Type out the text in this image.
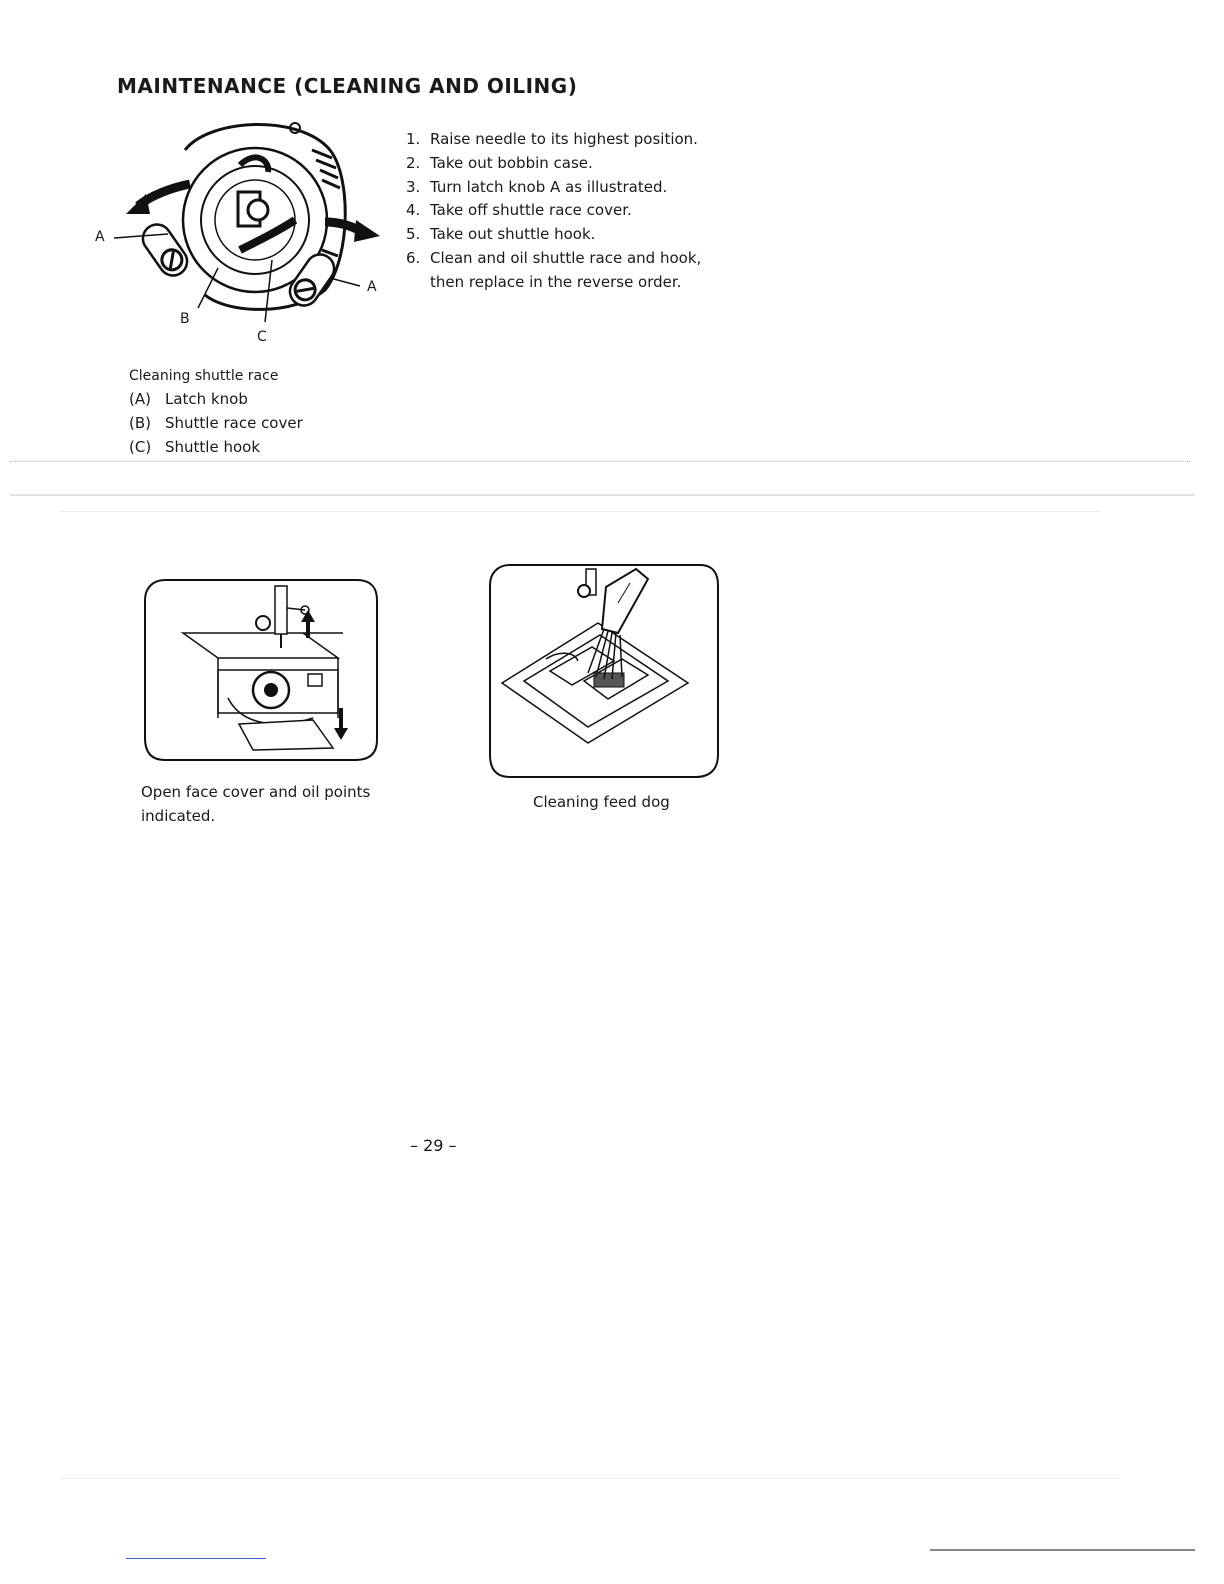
MAINTENANCE (CLEANING AND OILING)
A
A
B
C
1. Raise needle to its highest position.
2. Take out bobbin case.
3. Turn latch knob A as illustrated.
4. Take off shuttle race cover.
5. Take out shuttle hook.
6. Clean and oil shuttle race and hook,
then replace in the reverse order.
Cleaning shuttle race
(A) Latch knob
(B) Shuttle race cover
(C) Shuttle hook
Open face cover and oil points
indicated.
Cleaning feed dog
– 29 –
